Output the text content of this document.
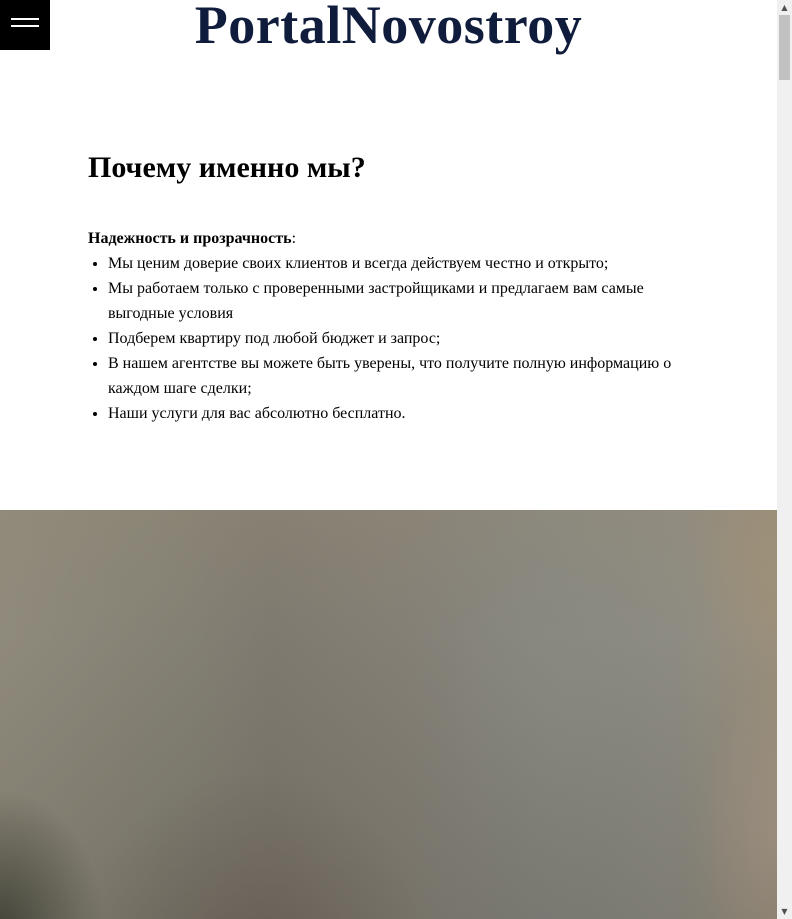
PortalNovostroy
Почему именно мы?
Надежность и прозрачность:
• Мы ценим доверие своих клиентов и всегда действуем честно и открыто;
• Мы работаем только с проверенными застройщиками и предлагаем вам самые выгодные условия
• Подберем квартиру под любой бюджет и запрос;
• В нашем агентстве вы можете быть уверены, что получите полную информацию о каждом шаге сделки;
• Наши услуги для вас абсолютно бесплатно.
▲
▼
